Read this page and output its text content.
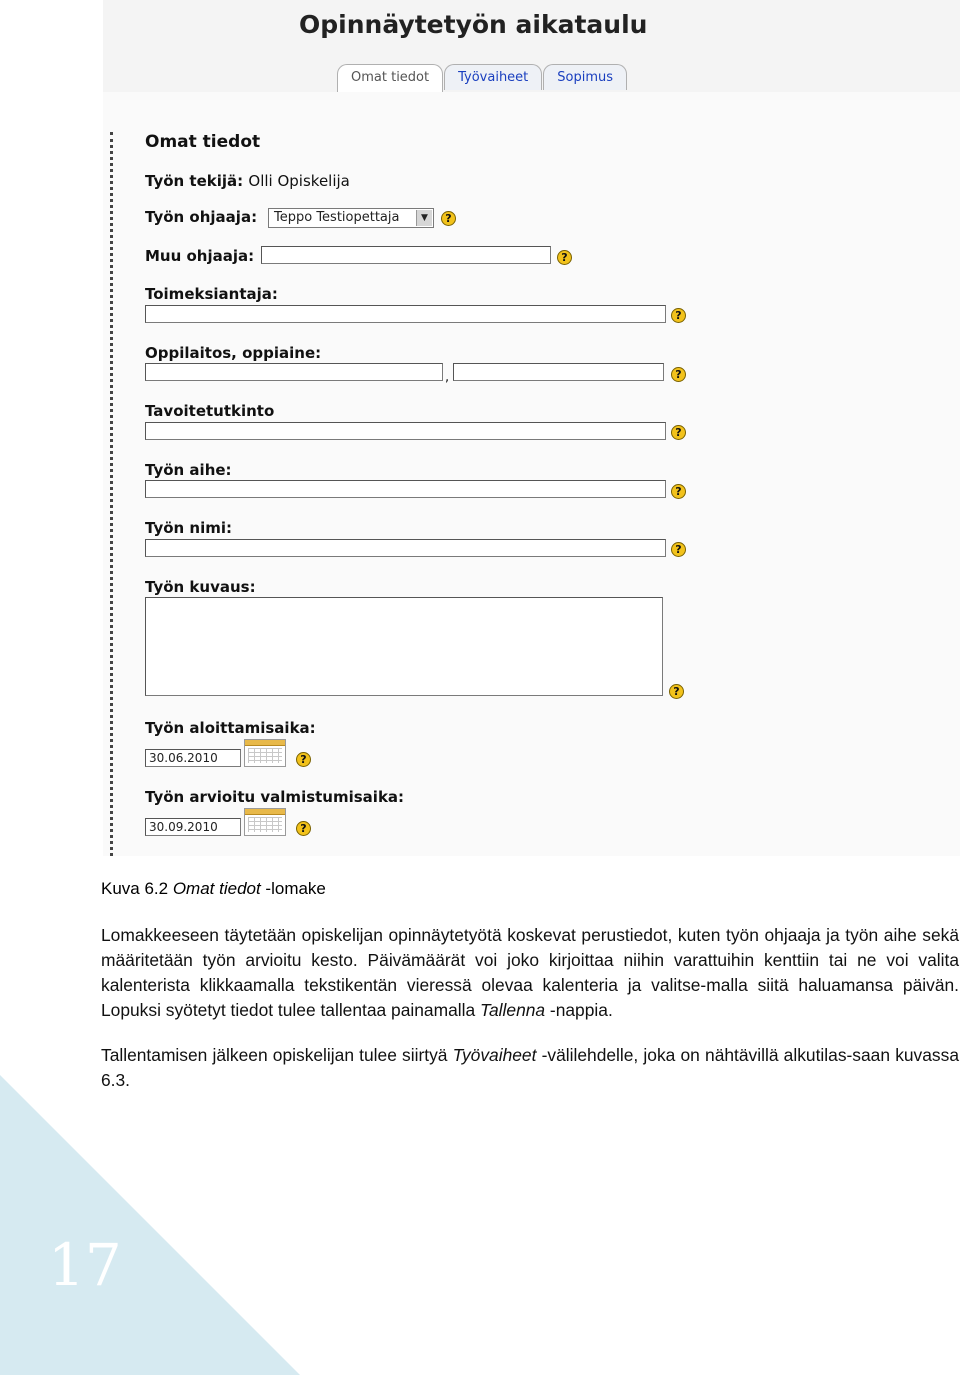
17
Opinnäytetyön aikataulu
Omat tiedot	Työvaiheet	Sopimus
Omat tiedot
Työn tekijä: Olli Opiskelija
Työn ohjaaja:	Teppo Testiopettaja	▼	?
Muu ohjaaja:	?
Toimeksiantaja:
?
Oppilaitos, oppiaine:
,	?
Tavoitetutkinto
?
Työn aihe:
?
Työn nimi:
?
Työn kuvaus:
?
Työn aloittamisaika:
30.06.2010	?
Työn arvioitu valmistumisaika:
30.09.2010	?
Kuva 6.2 Omat tiedot -lomake
Lomakkeeseen täytetään opiskelijan opinnäytetyötä koskevat perustiedot, kuten työn ohjaaja ja työn aihe sekä määritetään työn arvioitu kesto. Päivämäärät voi joko kirjoittaa niihin varattuihin kenttiin tai ne voi valita kalenterista klikkaamalla tekstikentän vieressä olevaa kalenteria ja valitse-malla siitä haluamansa päivän. Lopuksi syötetyt tiedot tulee tallentaa painamalla Tallenna -nappia.
Tallentamisen jälkeen opiskelijan tulee siirtyä Työvaiheet -välilehdelle, joka on nähtävillä alkutilas-saan kuvassa 6.3.
